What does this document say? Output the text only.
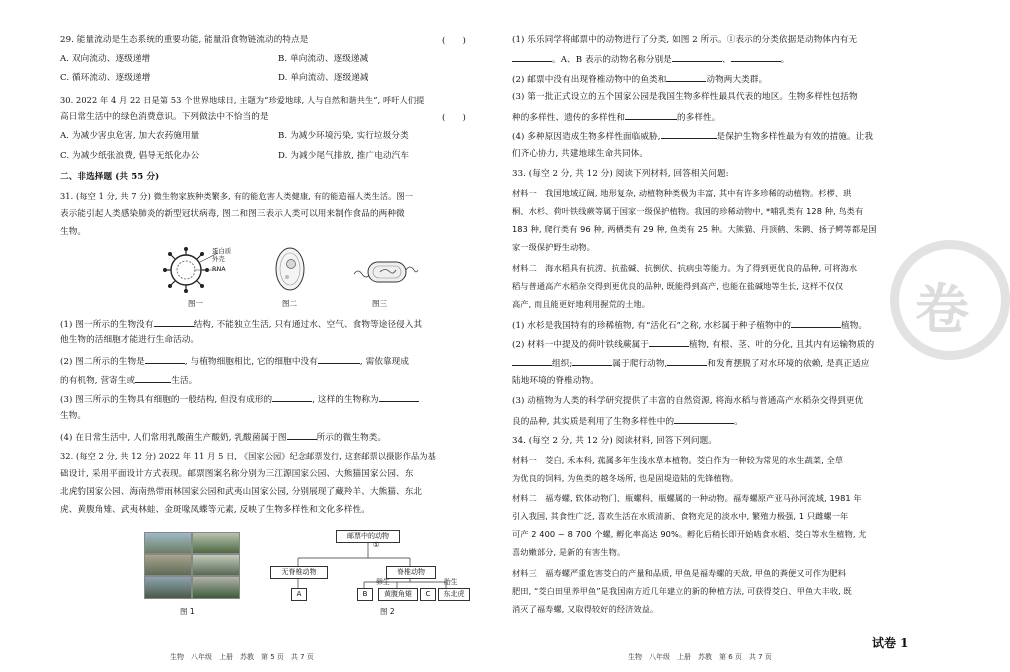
29. 能量流动是生态系统的重要功能, 能量沿食物链流动的特点是	(　　)
A. 双向流动、逐级递增	B. 单向流动、逐级递减
C. 循环流动、逐级递增	D. 单向流动、逐级递减
30. 2022 年 4 月 22 日是第 53 个世界地球日, 主题为“珍爱地球, 人与自然和谐共生”, 呼吁人们提
高日常生活中的绿色消费意识。下列做法中不恰当的是	(　　)
A. 为减少害虫危害, 加大农药施用量	B. 为减少环境污染, 实行垃圾分类
C. 为减少纸张浪费, 倡导无纸化办公	D. 为减少尾气排放, 推广电动汽车
二、非选择题 (共 55 分)
31. (每空 1 分, 共 7 分) 微生物家族种类繁多, 有的能危害人类健康, 有的能造福人类生活。图一
表示能引起人类感染肺炎的新型冠状病毒, 图二和图三表示人类可以用来制作食品的两种微
生物。
蛋白质
外壳
RNA
图一	图二	图三
(1) 图一所示的生物没有	结构, 不能独立生活, 只有通过水、空气、食物等途径侵入其
他生物的活细胞才能进行生命活动。
(2) 图二所示的生物是	, 与植物细胞相比, 它的细胞中没有	, 需依靠现成
的有机物, 营寄生或	生活。
(3) 图三所示的生物具有细胞的一般结构, 但没有成形的	, 这样的生物称为
生物。
(4) 在日常生活中, 人们常用乳酸菌生产酸奶, 乳酸菌属于图	所示的微生物类。
32. (每空 2 分, 共 12 分) 2022 年 11 月 5 日, 《国家公园》纪念邮票发行, 这套邮票以摄影作品为基
础设计, 采用平面设计方式表现。邮票图案名称分别为三江源国家公园、大熊猫国家公园、东
北虎豹国家公园、海南热带雨林国家公园和武夷山国家公园, 分别展现了藏羚羊、大熊猫、东北
虎、黄腹角雉、武夷林蛙、金斑喙凤蝶等元素, 反映了生物多样性和文化多样性。
邮票中的动物
①
无脊椎动物	脊椎动物
卵生	胎生
A	B	黄腹角雉	C	东北虎
图 1	图 2
生物　八年级　上册　苏教　第 5 页　共 7 页
(1) 乐乐同学将邮票中的动物进行了分类, 如图 2 所示。①表示的分类依据是动物体内有无
。A、B 表示的动物名称分别是	、	。
(2) 邮票中没有出现脊椎动物中的鱼类和	动物两大类群。
(3) 第一批正式设立的五个国家公园是我国生物多样性最具代表的地区。生物多样性包括物
种的多样性、遗传的多样性和	的多样性。
(4) 多种原因造成生物多样性面临威胁,	是保护生物多样性最为有效的措施。让我
们齐心协力, 共建地球生命共同体。
33. (每空 2 分, 共 12 分) 阅读下列材料, 回答相关问题:
材料一　我国地域辽阔, 地形复杂, 动植物种类极为丰富, 其中有许多珍稀的动植物。杉椤、珙
桐、水杉、荷叶铁线蕨等属于国家一级保护植物。我国的珍稀动物中, *哺乳类有 128 种, 鸟类有
183 种, 爬行类有 96 种, 两栖类有 29 种, 鱼类有 25 种。大熊猫、丹顶鹤、朱鹮、扬子鳄等都是国
家一级保护野生动物。
材料二　海水稻具有抗涝、抗盐碱、抗倒伏、抗病虫等能力。为了得到更优良的品种, 可将海水
稻与普通高产水稻杂交得到更优良的品种, 既能得到高产, 也能在盐碱地等生长, 这样不仅仅
高产, 而且能更好地利用握荒的土地。
(1) 水杉是我国特有的珍稀植物, 有“活化石”之称, 水杉属于种子植物中的	植物。
(2) 材料一中提及的荷叶铁线蕨属于	植物, 有根、茎、叶的分化, 且其内有运输物质的
组织;	属于爬行动物,	和发育摆脱了对水环境的依赖, 是真正适应
陆地环境的脊椎动物。
(3) 动植物为人类的科学研究提供了丰富的自然资源, 将海水稻与普通高产水稻杂交得到更优
良的品种, 其实质是利用了生物多样性中的	。
34. (每空 2 分, 共 12 分) 阅读材料, 回答下列问题。
材料一　茭白, 禾本科, 菰属多年生浅水草本植物。茭白作为一种较为常见的水生蔬菜, 全草
为优良的饲料, 为鱼类的越冬场所, 也是固堤造陆的先锋植物。
材料二　福寿螺, 软体动物门、瓶螺科、瓶螺属的一种动物。福寿螺原产亚马孙河流域, 1981 年
引入我国, 其食性广泛, 喜欢生活在水质清新、食物充足的淡水中, 繁殖力极强, 1 只雌螺一年
可产 2 400 ~ 8 700 个螺, 孵化率高达 90%。孵化后稍长即开始啮食水稻、茭白等水生植物, 尤
喜幼嫩部分, 是新的有害生物。
材料三　福寿螺严重危害茭白的产量和品质, 甲鱼是福寿螺的天敌, 甲鱼的粪便又可作为肥料
肥田, “茭白田里养甲鱼”是我国南方近几年建立的新的种植方法, 可获得茭白、甲鱼大丰收, 既
消灭了福寿螺, 又取得较好的经济效益。
生物　八年级　上册　苏教　第 6 页　共 7 页
卷
试卷 1
